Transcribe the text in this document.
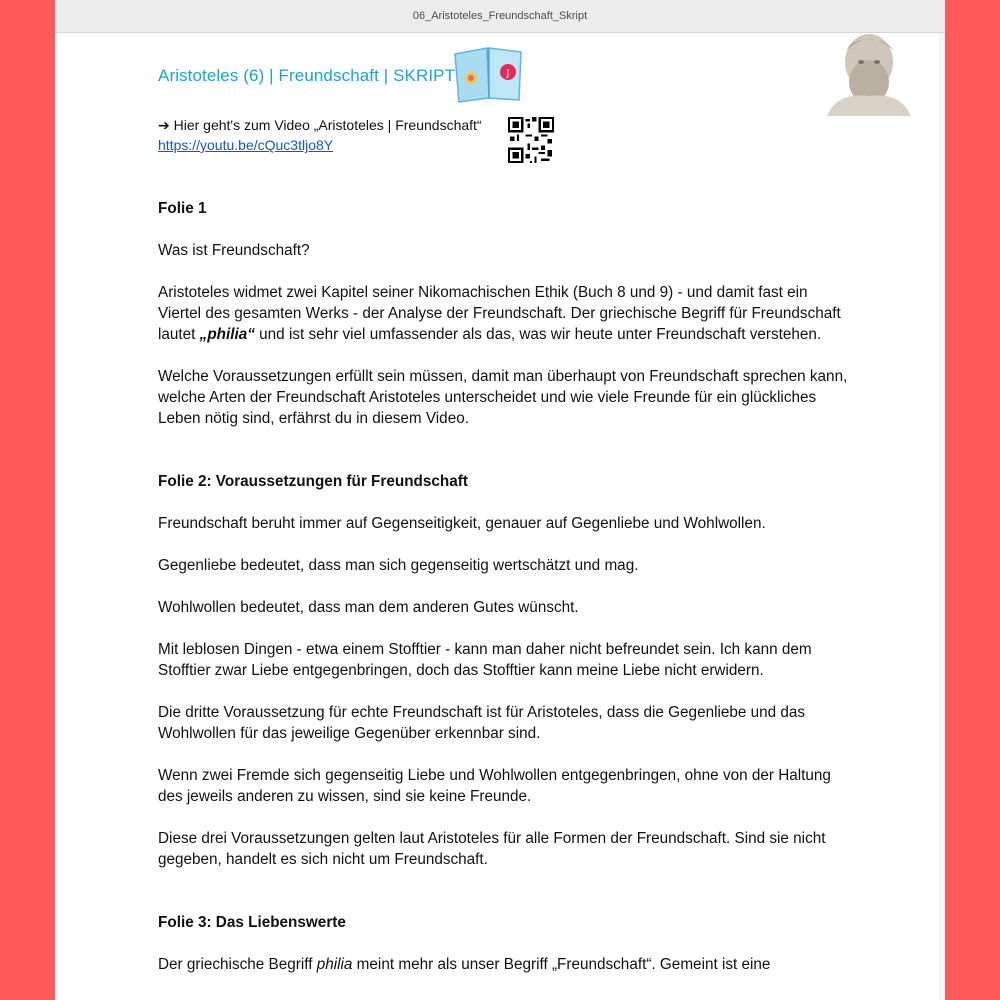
06_Aristoteles_Freundschaft_Skript
Aristoteles (6) | Freundschaft | SKRIPT	J
➔ Hier geht's zum Video „Aristoteles | Freundschaft“
https://youtu.be/cQuc3tljo8Y
Folie 1

Was ist Freundschaft?

Aristoteles widmet zwei Kapitel seiner Nikomachischen Ethik (Buch 8 und 9) - und damit fast ein Viertel des gesamten Werks - der Analyse der Freundschaft. Der griechische Begriff für Freundschaft lautet „philia“ und ist sehr viel umfassender als das, was wir heute unter Freundschaft verstehen.

Welche Voraussetzungen erfüllt sein müssen, damit man überhaupt von Freundschaft sprechen kann, welche Arten der Freundschaft Aristoteles unterscheidet und wie viele Freunde für ein glückliches Leben nötig sind, erfährst du in diesem Video.

Folie 2: Voraussetzungen für Freundschaft

Freundschaft beruht immer auf Gegenseitigkeit, genauer auf Gegenliebe und Wohlwollen.

Gegenliebe bedeutet, dass man sich gegenseitig wertschätzt und mag.

Wohlwollen bedeutet, dass man dem anderen Gutes wünscht.

Mit leblosen Dingen - etwa einem Stofftier - kann man daher nicht befreundet sein. Ich kann dem Stofftier zwar Liebe entgegenbringen, doch das Stofftier kann meine Liebe nicht erwidern.

Die dritte Voraussetzung für echte Freundschaft ist für Aristoteles, dass die Gegenliebe und das Wohlwollen für das jeweilige Gegenüber erkennbar sind.

Wenn zwei Fremde sich gegenseitig Liebe und Wohlwollen entgegenbringen, ohne von der Haltung des jeweils anderen zu wissen, sind sie keine Freunde.

Diese drei Voraussetzungen gelten laut Aristoteles für alle Formen der Freundschaft. Sind sie nicht gegeben, handelt es sich nicht um Freundschaft.

Folie 3: Das Liebenswerte

Der griechische Begriff philia meint mehr als unser Begriff „Freundschaft“. Gemeint ist eine
